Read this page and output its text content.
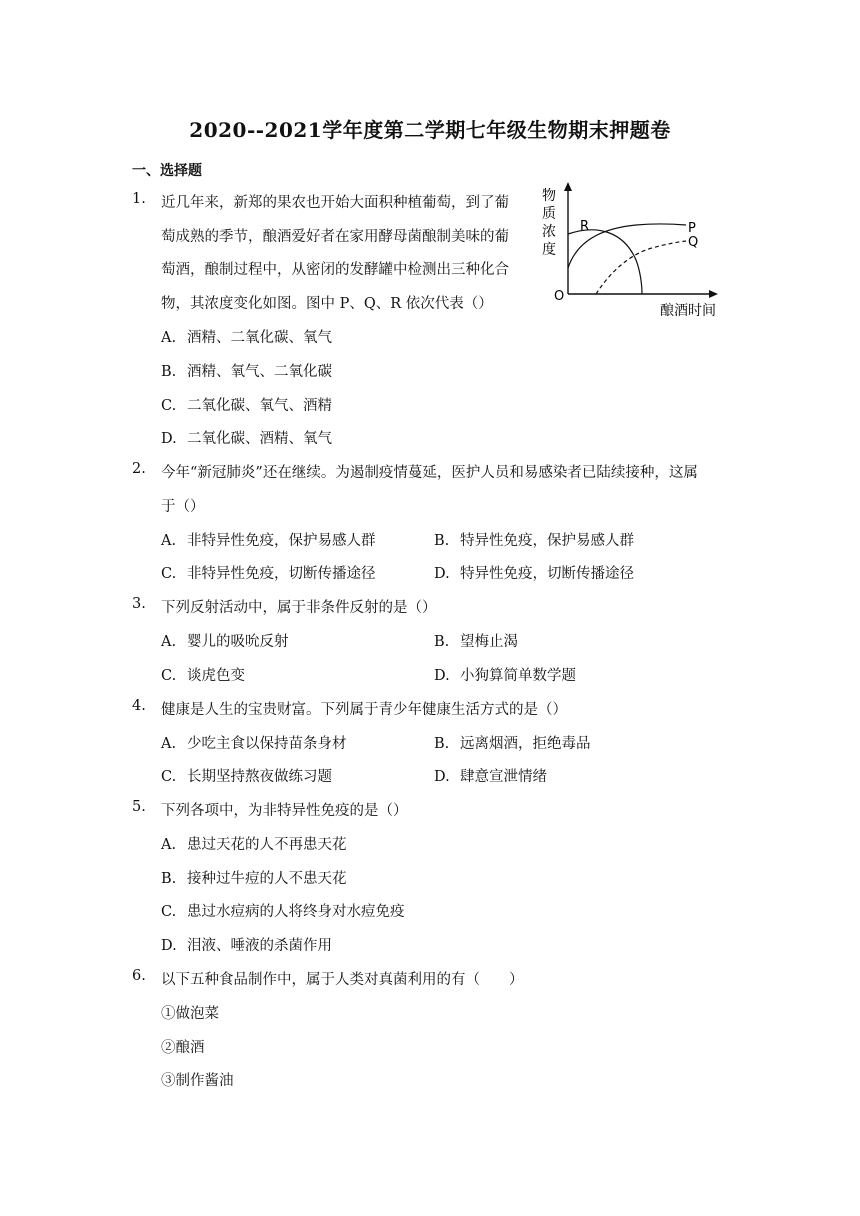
2020--2021学年度第二学期七年级生物期末押题卷
一、选择题
1.	近几年来，新郑的果农也开始大面积种植葡萄，到了葡
萄成熟的季节，酿酒爱好者在家用酵母菌酿制美味的葡
萄酒，酿制过程中，从密闭的发酵罐中检测出三种化合
物，其浓度变化如图。图中 P、Q、R 依次代表（）
A. 酒精、二氧化碳、氧气
B. 酒精、氧气、二氧化碳
C. 二氧化碳、氧气、酒精
D. 二氧化碳、酒精、氧气
物
质
浓
度
O
酿酒时间
R	P
Q
2.	今年“新冠肺炎”还在继续。为遏制疫情蔓延，医护人员和易感染者已陆续接种，这属
于（）
A. 非特异性免疫，保护易感人群	B. 特异性免疫，保护易感人群
C. 非特异性免疫，切断传播途径	D. 特异性免疫，切断传播途径
3.	下列反射活动中，属于非条件反射的是（）
A. 婴儿的吸吮反射	B. 望梅止渴
C. 谈虎色变	D. 小狗算简单数学题
4.	健康是人生的宝贵财富。下列属于青少年健康生活方式的是（）
A. 少吃主食以保持苗条身材	B. 远离烟酒，拒绝毒品
C. 长期坚持熬夜做练习题	D. 肆意宣泄情绪
5.	下列各项中，为非特异性免疫的是（）
A. 患过天花的人不再患天花
B. 接种过牛痘的人不患天花
C. 患过水痘病的人将终身对水痘免疫
D. 泪液、唾液的杀菌作用
6.	以下五种食品制作中，属于人类对真菌利用的有（　　）
①做泡菜
②酿酒
③制作酱油
